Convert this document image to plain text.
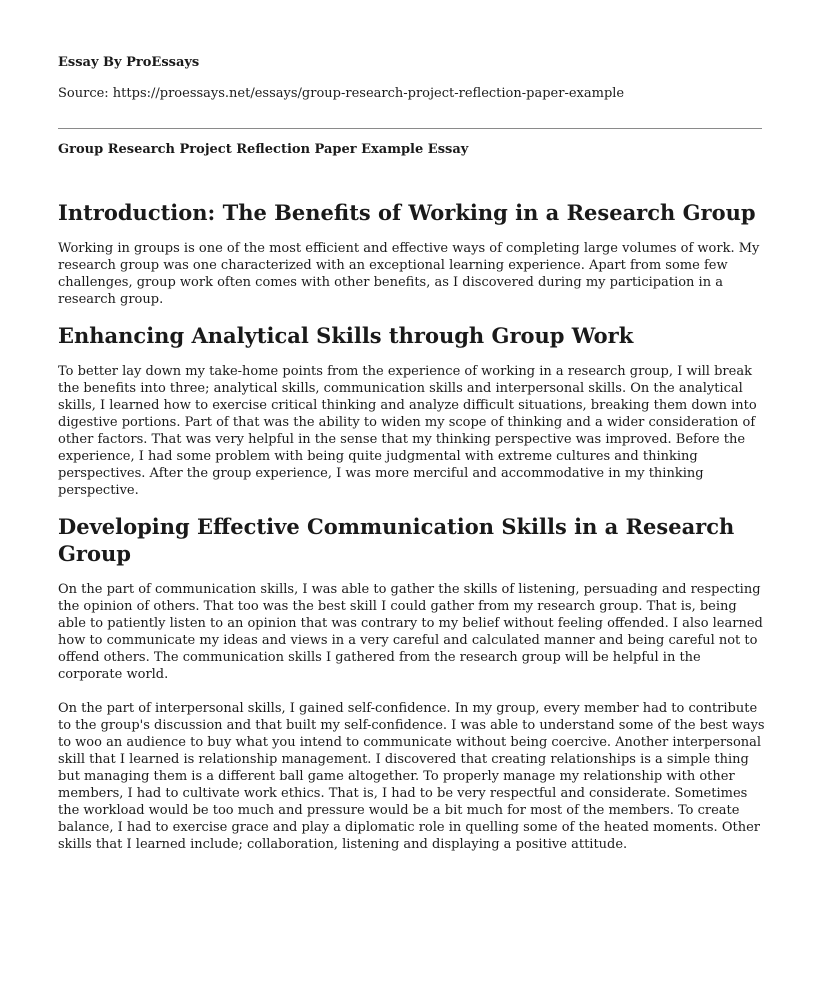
Essay By ProEssays
Source: https://proessays.net/essays/group-research-project-reflection-paper-example
Group Research Project Reflection Paper Example Essay
Introduction: The Benefits of Working in a Research Group

Working in groups is one of the most efficient and effective ways of completing large volumes of work. My research group was one characterized with an exceptional learning experience. Apart from some few challenges, group work often comes with other benefits, as I discovered during my participation in a research group.

Enhancing Analytical Skills through Group Work

To better lay down my take-home points from the experience of working in a research group, I will break the benefits into three; analytical skills, communication skills and interpersonal skills. On the analytical skills, I learned how to exercise critical thinking and analyze difficult situations, breaking them down into digestive portions. Part of that was the ability to widen my scope of thinking and a wider consideration of other factors. That was very helpful in the sense that my thinking perspective was improved. Before the experience, I had some problem with being quite judgmental with extreme cultures and thinking perspectives. After the group experience, I was more merciful and accommodative in my thinking perspective.

Developing Effective Communication Skills in a Research Group

On the part of communication skills, I was able to gather the skills of listening, persuading and respecting the opinion of others. That too was the best skill I could gather from my research group. That is, being able to patiently listen to an opinion that was contrary to my belief without feeling offended. I also learned how to communicate my ideas and views in a very careful and calculated manner and being careful not to offend others. The communication skills I gathered from the research group will be helpful in the corporate world.

On the part of interpersonal skills, I gained self-confidence. In my group, every member had to contribute to the group's discussion and that built my self-confidence. I was able to understand some of the best ways to woo an audience to buy what you intend to communicate without being coercive. Another interpersonal skill that I learned is relationship management. I discovered that creating relationships is a simple thing but managing them is a different ball game altogether. To properly manage my relationship with other members, I had to cultivate work ethics. That is, I had to be very respectful and considerate. Sometimes the workload would be too much and pressure would be a bit much for most of the members. To create balance, I had to exercise grace and play a diplomatic role in quelling some of the heated moments. Other skills that I learned include; collaboration, listening and displaying a positive attitude.
